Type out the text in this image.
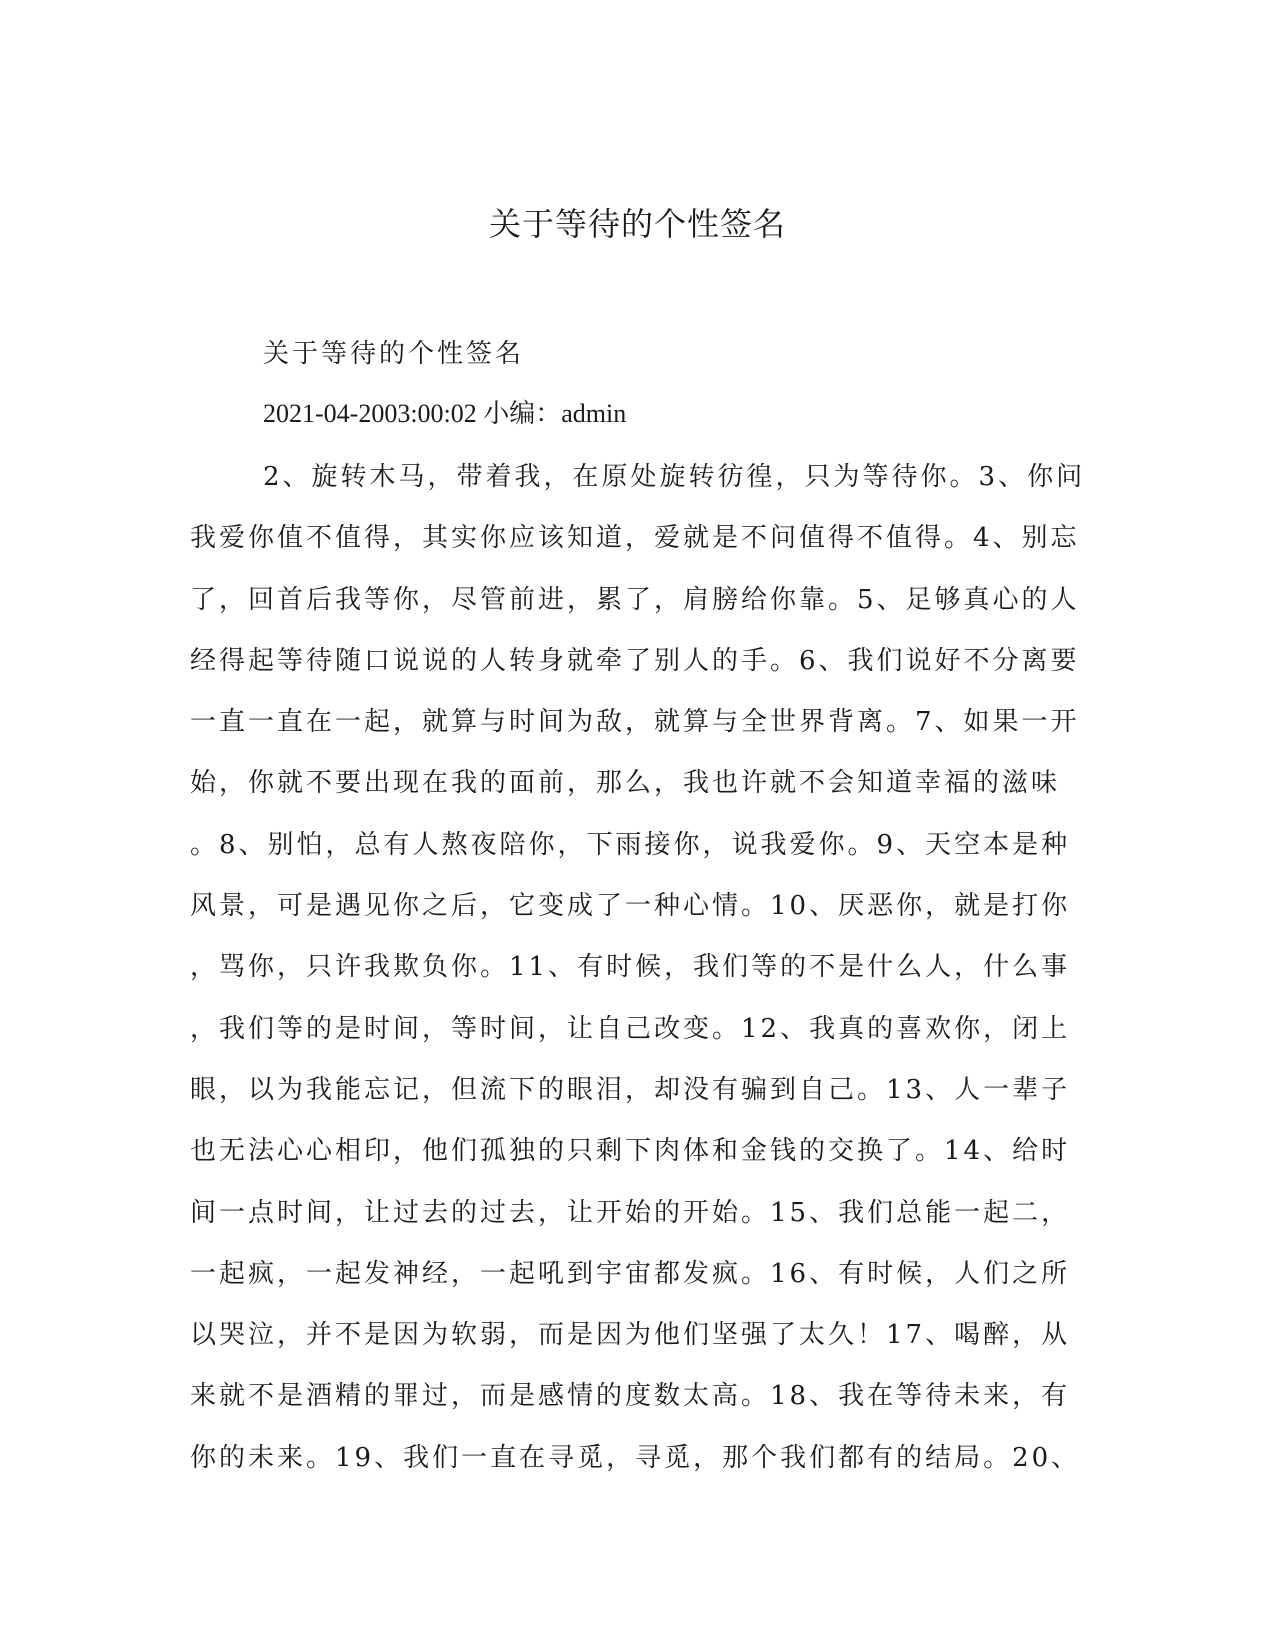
关于等待的个性签名
关于等待的个性签名
2021-04-2003:00:02 小编：admin
2、旋转木马，带着我，在原处旋转彷徨，只为等待你。3、你问
我爱你值不值得，其实你应该知道，爱就是不问值得不值得。4、别忘
了，回首后我等你，尽管前进，累了，肩膀给你靠。5、足够真心的人
经得起等待随口说说的人转身就牵了别人的手。6、我们说好不分离要
一直一直在一起，就算与时间为敌，就算与全世界背离。7、如果一开
始，你就不要出现在我的面前，那么，我也许就不会知道幸福的滋味
。8、别怕，总有人熬夜陪你，下雨接你，说我爱你。9、天空本是种
风景，可是遇见你之后，它变成了一种心情。10、厌恶你，就是打你
，骂你，只许我欺负你。11、有时候，我们等的不是什么人，什么事
，我们等的是时间，等时间，让自己改变。12、我真的喜欢你，闭上
眼，以为我能忘记，但流下的眼泪，却没有骗到自己。13、人一辈子
也无法心心相印，他们孤独的只剩下肉体和金钱的交换了。14、给时
间一点时间，让过去的过去，让开始的开始。15、我们总能一起二，
一起疯，一起发神经，一起吼到宇宙都发疯。16、有时候，人们之所
以哭泣，并不是因为软弱，而是因为他们坚强了太久！17、喝醉，从
来就不是酒精的罪过，而是感情的度数太高。18、我在等待未来，有
你的未来。19、我们一直在寻觅，寻觅，那个我们都有的结局。20、
